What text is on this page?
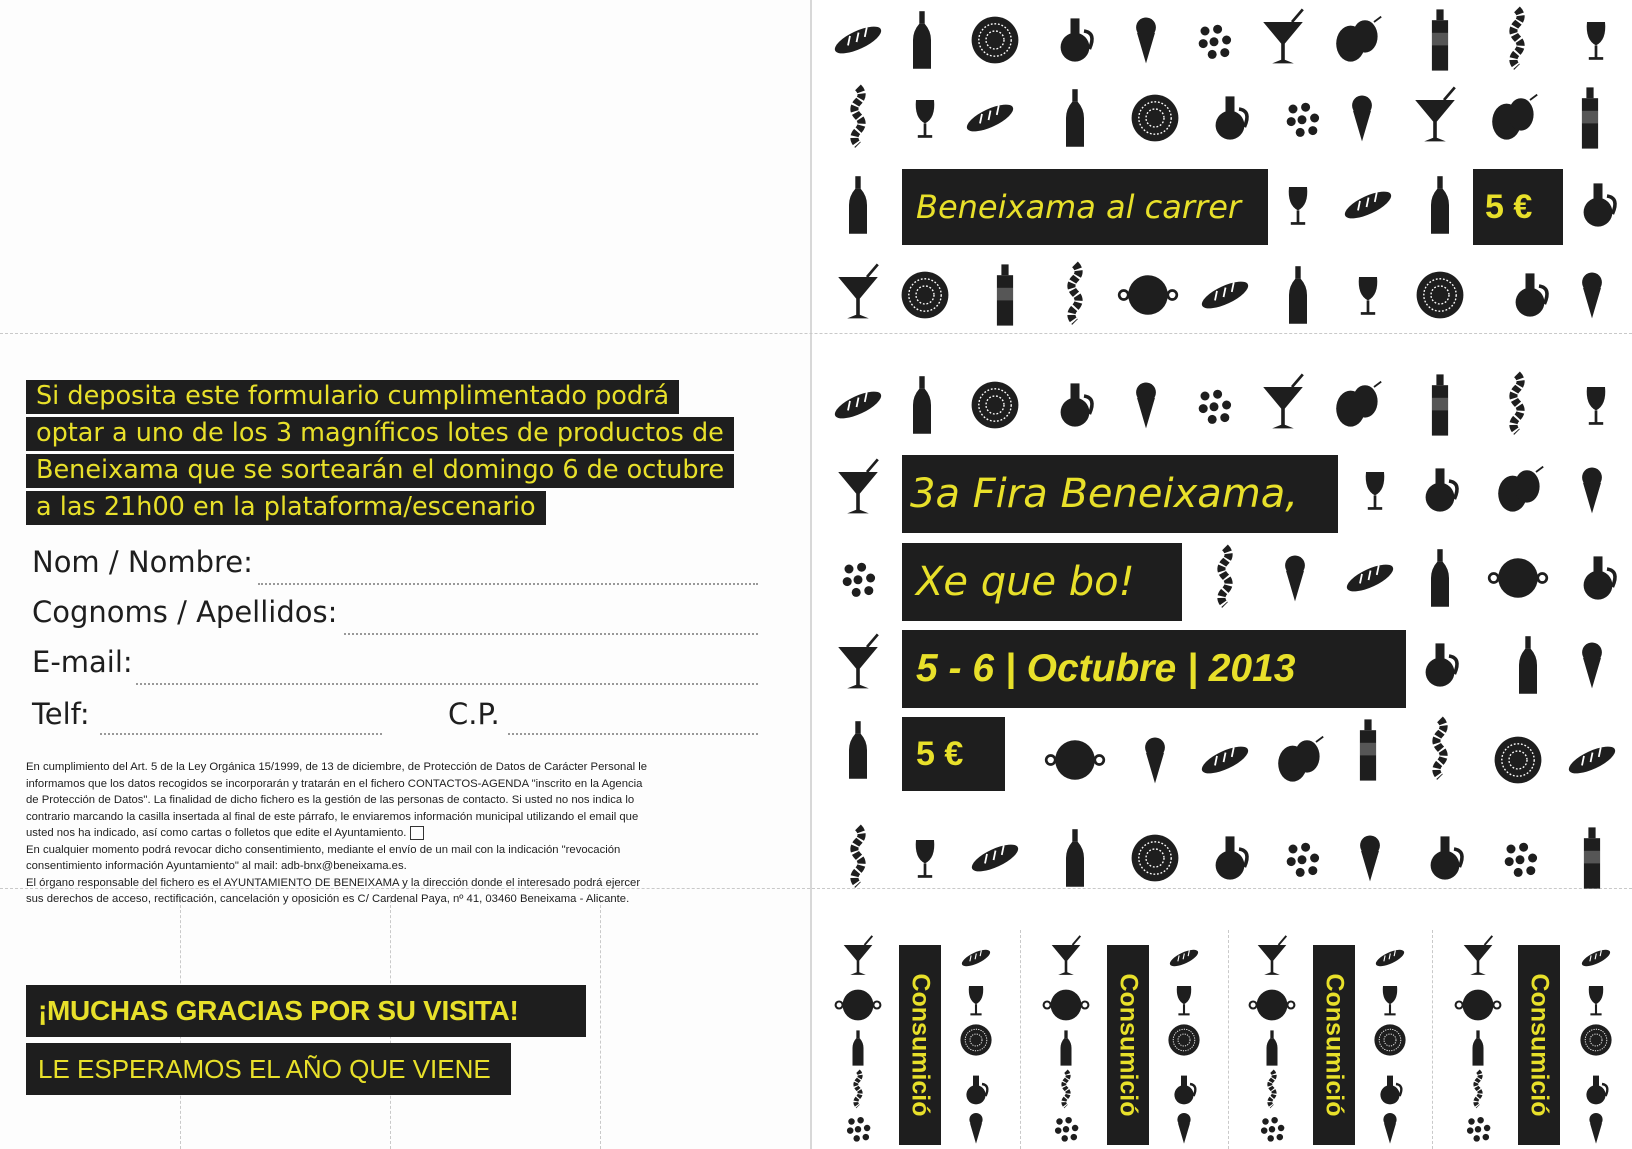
Si deposita este formulario cumplimentado podrá
optar a uno de los 3 magníficos lotes de productos de
Beneixama que se sortearán el domingo 6 de octubre
a las 21h00 en la plataforma/escenario
Nom / Nombre:
Cognoms / Apellidos:
E-mail:
Telf:	C.P.
En cumplimiento del Art. 5 de la Ley Orgánica 15/1999, de 13 de diciembre, de Protección de Datos de Carácter Personal le
informamos que los datos recogidos se incorporarán y tratarán en el fichero CONTACTOS-AGENDA "inscrito en la Agencia
de Protección de Datos". La finalidad de dicho fichero es la gestión de las personas de contacto. Si usted no nos indica lo
contrario marcando la casilla insertada al final de este párrafo, le enviaremos información municipal utilizando el email que
usted nos ha indicado, así como cartas o folletos que edite el Ayuntamiento.
En cualquier momento podrá revocar dicho consentimiento, mediante el envío de un mail con la indicación "revocación
consentimiento información Ayuntamiento" al mail: adb-bnx@beneixama.es.
El órgano responsable del fichero es el AYUNTAMIENTO DE BENEIXAMA y la dirección donde el interesado podrá ejercer
sus derechos de acceso, rectificación, cancelación y oposición es C/ Cardenal Paya, nº 41, 03460 Beneixama - Alicante.
¡MUCHAS GRACIAS POR SU VISITA!
LE ESPERAMOS EL AÑO QUE VIENE
Beneixama al carrer	5 €
3a Fira Beneixama,
Xe que bo!
5 - 6 | Octubre | 2013
5 €
Consumició	Consumició	Consumició	Consumició
